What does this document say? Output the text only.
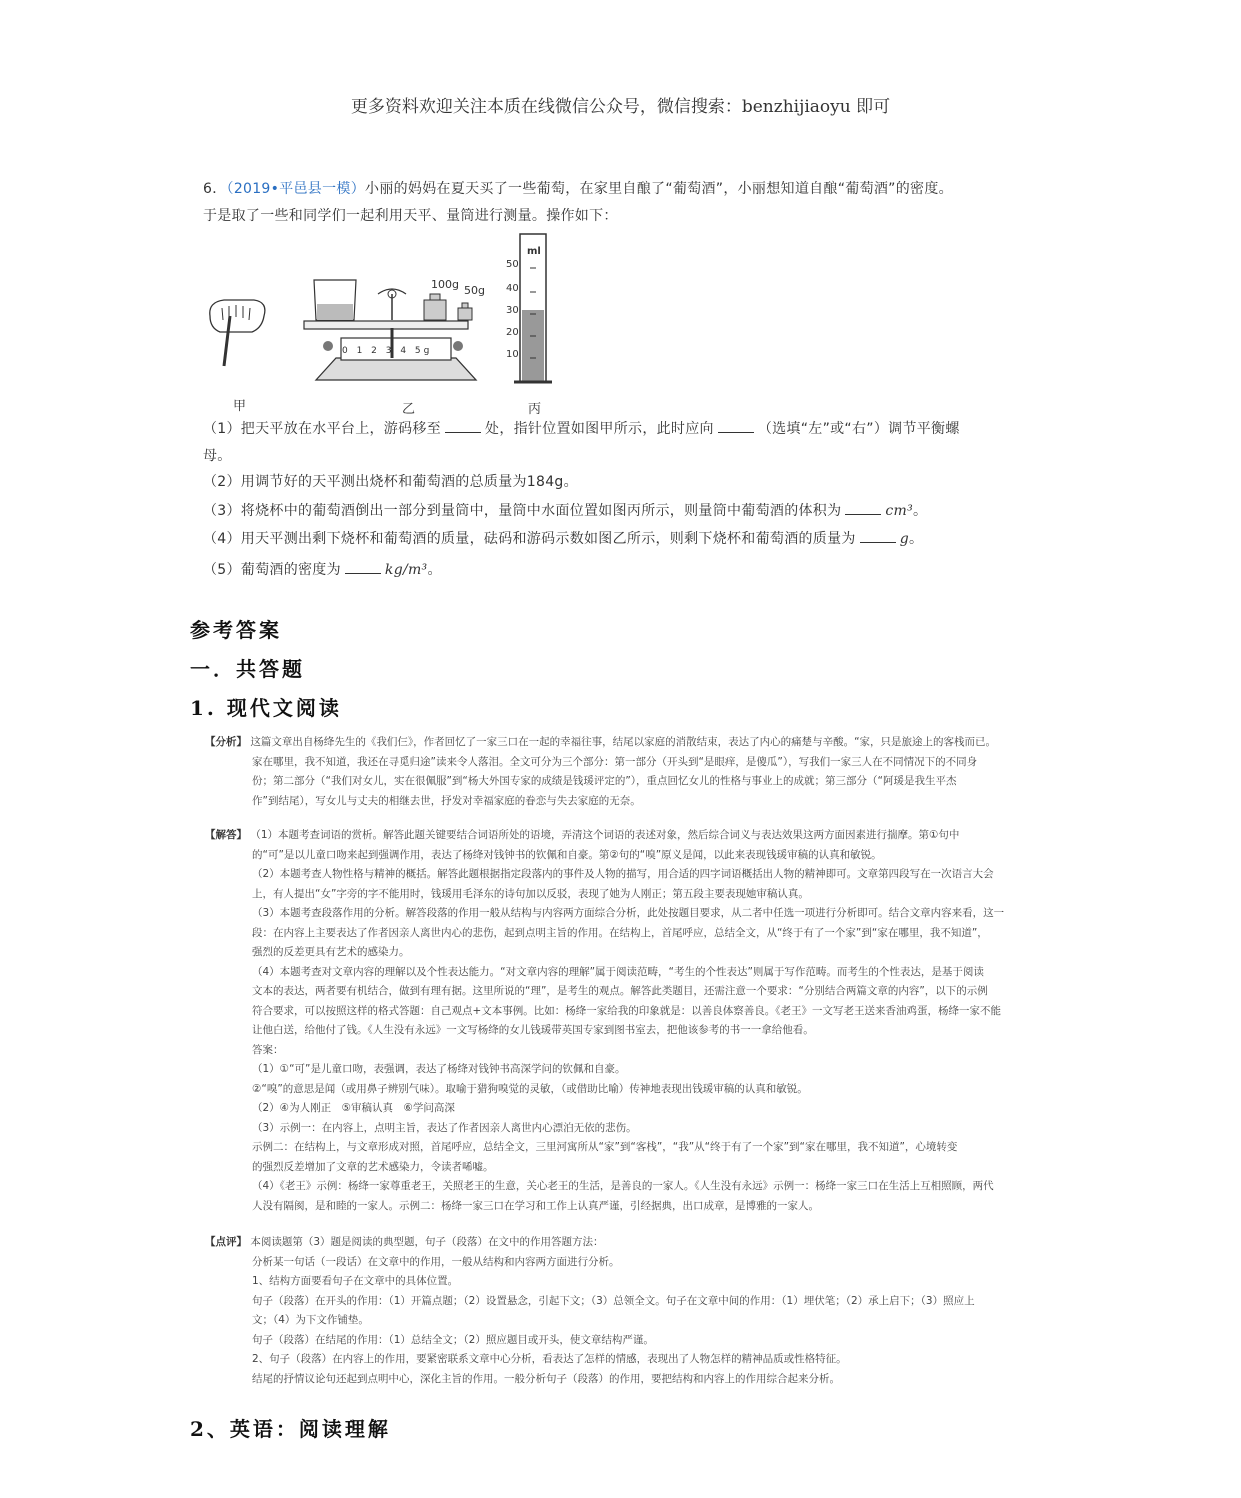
更多资料欢迎关注本质在线微信公众号，微信搜索：benzhijiaoyu 即可
6．（2019•平邑县一模）小丽的妈妈在夏天买了一些葡萄，在家里自酿了“葡萄酒”，小丽想知道自酿“葡萄酒”的密度。
于是取了一些和同学们一起利用天平、量筒进行测量。操作如下：
100g 50g
0 1 2 3 4 5g
ml
50
40
30
20
10
甲	乙	丙
（1）把天平放在水平台上，游码移至	处，指针位置如图甲所示，此时应向	（选填“左”或“右”）调节平衡螺
母。
（2）用调节好的天平测出烧杯和葡萄酒的总质量为184g。
（3）将烧杯中的葡萄酒倒出一部分到量筒中，量筒中水面位置如图丙所示，则量筒中葡萄酒的体积为	cm³。
（4）用天平测出剩下烧杯和葡萄酒的质量，砝码和游码示数如图乙所示，则剩下烧杯和葡萄酒的质量为	g。
（5）葡萄酒的密度为	kg/m³。
参考答案
一．共答题
1. 现代文阅读

【分析】 这篇文章出自杨绛先生的《我们仨》，作者回忆了一家三口在一起的幸福往事，结尾以家庭的消散结束，表达了内心的痛楚与辛酸。“家，只是旅途上的客栈而已。

家在哪里，我不知道，我还在寻觅归途”读来令人落泪。全文可分为三个部分：第一部分（开头到“是眼痒，是傻瓜”），写我们一家三人在不同情况下的不同身

份；第二部分（“我们对女儿，实在很佩服”到“杨大外国专家的成绩是钱瑗评定的”），重点回忆女儿的性格与事业上的成就；第三部分（“阿瑗是我生平杰

作”到结尾），写女儿与丈夫的相继去世，抒发对幸福家庭的眷恋与失去家庭的无奈。

【解答】 （1）本题考查词语的赏析。解答此题关键要结合词语所处的语境，弄清这个词语的表述对象，然后综合词义与表达效果这两方面因素进行揣摩。第①句中

的“可”是以儿童口吻来起到强调作用，表达了杨绛对钱钟书的钦佩和自豪。第②句的“嗅”原义是闻，以此来表现钱瑗审稿的认真和敏锐。

（2）本题考查人物性格与精神的概括。解答此题根据指定段落内的事件及人物的描写，用合适的四字词语概括出人物的精神即可。文章第四段写在一次语言大会

上，有人提出“女”字旁的字不能用时，钱瑗用毛泽东的诗句加以反驳，表现了她为人刚正；第五段主要表现她审稿认真。

（3）本题考查段落作用的分析。解答段落的作用一般从结构与内容两方面综合分析，此处按题目要求，从二者中任选一项进行分析即可。结合文章内容来看，这一

段：在内容上主要表达了作者因亲人离世内心的悲伤，起到点明主旨的作用。在结构上，首尾呼应，总结全文，从“终于有了一个家”到“家在哪里，我不知道”，

强烈的反差更具有艺术的感染力。

（4）本题考查对文章内容的理解以及个性表达能力。“对文章内容的理解”属于阅读范畴，“考生的个性表达”则属于写作范畴。而考生的个性表达，是基于阅读

文本的表达，两者要有机结合，做到有理有据。这里所说的“理”，是考生的观点。解答此类题目，还需注意一个要求：“分别结合两篇文章的内容”，以下的示例

符合要求，可以按照这样的格式答题：自己观点+文本事例。比如：杨绛一家给我的印象就是：以善良体察善良。《老王》一文写老王送来香油鸡蛋，杨绛一家不能

让他白送，给他付了钱。《人生没有永远》一文写杨绛的女儿钱瑗带英国专家到图书室去，把他该参考的书一一拿给他看。

答案：

（1）①“可”是儿童口吻，表强调，表达了杨绛对钱钟书高深学问的钦佩和自豪。

②“嗅”的意思是闻（或用鼻子辨别气味）。取喻于猎狗嗅觉的灵敏，（或借助比喻）传神地表现出钱瑗审稿的认真和敏锐。

（2）④为人刚正　⑤审稿认真　⑥学问高深

（3）示例一：在内容上，点明主旨，表达了作者因亲人离世内心漂泊无依的悲伤。

示例二：在结构上，与文章形成对照，首尾呼应，总结全文，三里河寓所从“家”到“客栈”，“我”从“终于有了一个家”到“家在哪里，我不知道”，心境转变

的强烈反差增加了文章的艺术感染力，令读者唏嘘。

（4）《老王》示例：杨绛一家尊重老王，关照老王的生意，关心老王的生活，是善良的一家人。《人生没有永远》示例一：杨绛一家三口在生活上互相照顾，两代

人没有隔阂，是和睦的一家人。示例二：杨绛一家三口在学习和工作上认真严谨，引经据典，出口成章，是博雅的一家人。

【点评】 本阅读题第（3）题是阅读的典型题，句子（段落）在文中的作用答题方法：

分析某一句话（一段话）在文章中的作用，一般从结构和内容两方面进行分析。

1、结构方面要看句子在文章中的具体位置。

句子（段落）在开头的作用：（1）开篇点题；（2）设置悬念，引起下文；（3）总领全文。句子在文章中间的作用：（1）埋伏笔；（2）承上启下；（3）照应上

文；（4）为下文作铺垫。

句子（段落）在结尾的作用：（1）总结全文；（2）照应题目或开头，使文章结构严谨。

2、句子（段落）在内容上的作用，要紧密联系文章中心分析，看表达了怎样的情感，表现出了人物怎样的精神品质或性格特征。

结尾的抒情议论句还起到点明中心，深化主旨的作用。一般分析句子（段落）的作用，要把结构和内容上的作用综合起来分析。

2、英语：阅读理解
